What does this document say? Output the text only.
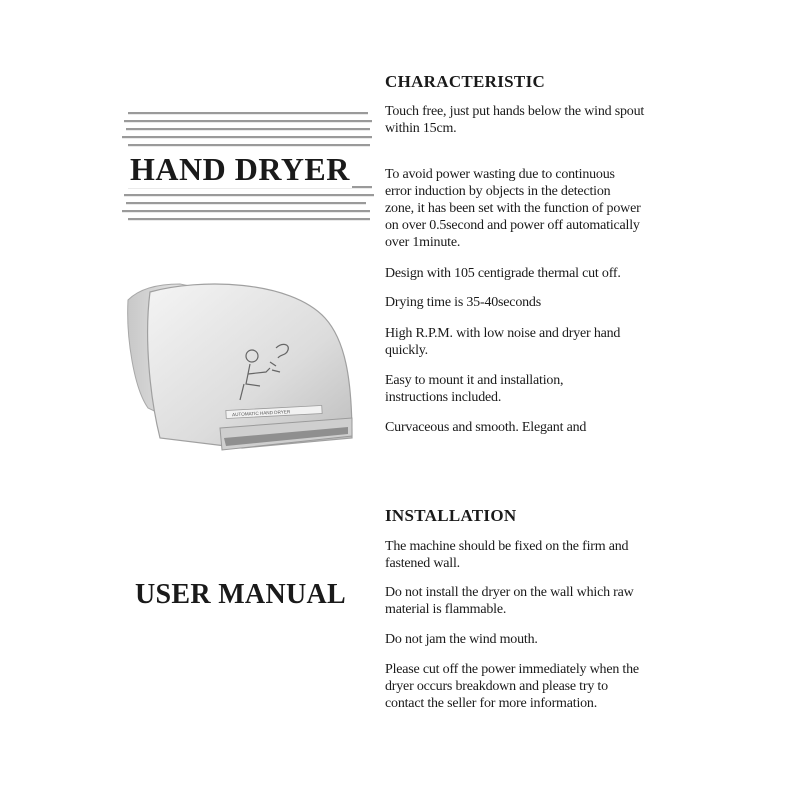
HAND DRYER
AUTOMATIC HAND DRYER
USER MANUAL
CHARACTERISTIC

Touch free, just put hands below the wind spout within 15cm.

To avoid power wasting due to continuous error induction by objects in the detection zone, it has been set with the function of power on over 0.5second and power off automatically over 1minute.

Design with 105 centigrade thermal cut off.

Drying time is 35-40seconds

High R.P.M. with low noise and dryer hand quickly.

Easy to mount it and installation, instructions included.

Curvaceous and smooth. Elegant and

INSTALLATION

The machine should be fixed on the firm and fastened wall.

Do not install the dryer on the wall which raw material is flammable.

Do not jam the wind mouth.

Please cut off the power immediately when the dryer occurs breakdown and please try to contact the seller for more information.
